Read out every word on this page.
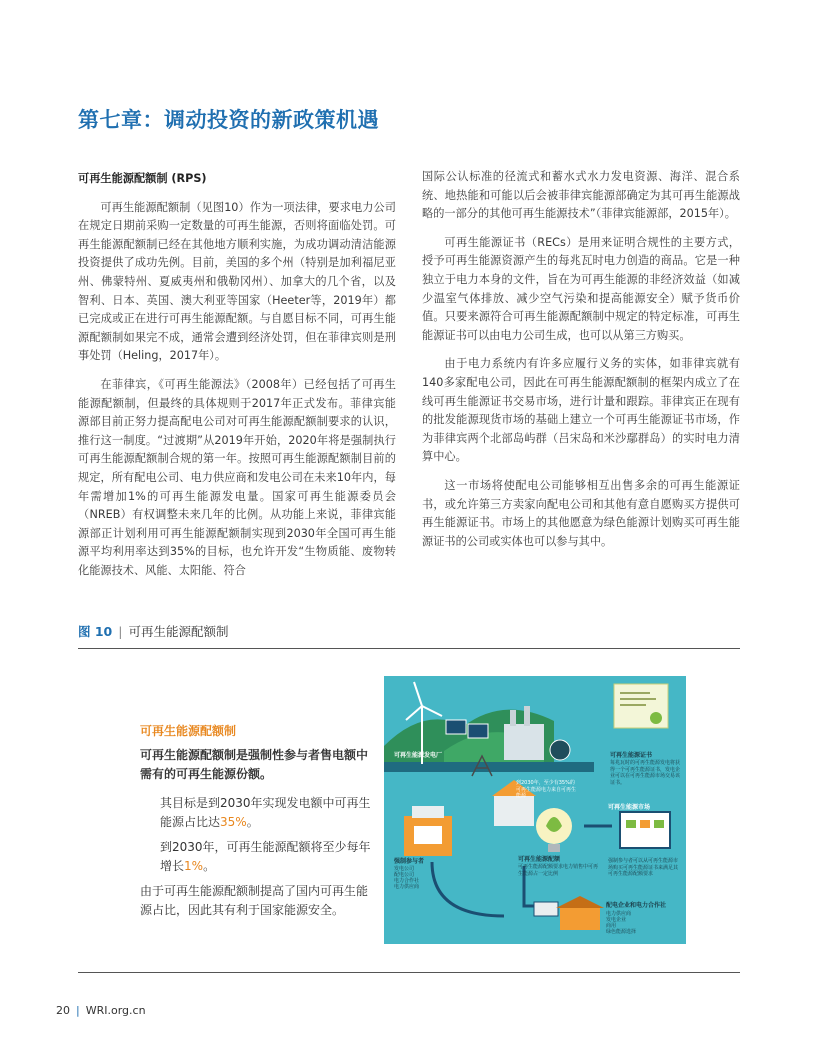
第七章：调动投资的新政策机遇
可再生能源配额制 (RPS)

可再生能源配额制（见图10）作为一项法律，要求电力公司在规定日期前采购一定数量的可再生能源，否则将面临处罚。可再生能源配额制已经在其他地方顺利实施，为成功调动清洁能源投资提供了成功先例。目前，美国的多个州（特别是加利福尼亚州、佛蒙特州、夏威夷州和俄勒冈州）、加拿大的几个省，以及智利、日本、英国、澳大利亚等国家（Heeter等，2019年）都已完成或正在进行可再生能源配额。与自愿目标不同，可再生能源配额制如果完不成，通常会遭到经济处罚，但在菲律宾则是刑事处罚（Heling，2017年）。

在菲律宾，《可再生能源法》（2008年）已经包括了可再生能源配额制，但最终的具体规则于2017年正式发布。菲律宾能源部目前正努力提高配电公司对可再生能源配额制要求的认识，推行这一制度。“过渡期”从2019年开始，2020年将是强制执行可再生能源配额制合规的第一年。按照可再生能源配额制目前的规定，所有配电公司、电力供应商和发电公司在未来10年内，每年需增加1%的可再生能源发电量。国家可再生能源委员会（NREB）有权调整未来几年的比例。从功能上来说，菲律宾能源部正计划利用可再生能源配额制实现到2030年全国可再生能源平均利用率达到35%的目标，也允许开发“生物质能、废物转化能源技术、风能、太阳能、符合

国际公认标准的径流式和蓄水式水力发电资源、海洋、混合系统、地热能和可能以后会被菲律宾能源部确定为其可再生能源战略的一部分的其他可再生能源技术”（菲律宾能源部，2015年）。

可再生能源证书（RECs）是用来证明合规性的主要方式，授予可再生能源资源产生的每兆瓦时电力创造的商品。它是一种独立于电力本身的文件，旨在为可再生能源的非经济效益（如减少温室气体排放、减少空气污染和提高能源安全）赋予货币价值。只要来源符合可再生能源配额制中规定的特定标准，可再生能源证书可以由电力公司生成，也可以从第三方购买。

由于电力系统内有许多应履行义务的实体，如菲律宾就有140多家配电公司，因此在可再生能源配额制的框架内成立了在线可再生能源证书交易市场，进行计量和跟踪。菲律宾正在现有的批发能源现货市场的基础上建立一个可再生能源证书市场，作为菲律宾两个北部岛屿群（吕宋岛和米沙鄢群岛）的实时电力清算中心。

这一市场将使配电公司能够相互出售多余的可再生能源证书，或允许第三方卖家向配电公司和其他有意自愿购买方提供可再生能源证书。市场上的其他愿意为绿色能源计划购买可再生能源证书的公司或实体也可以参与其中。

图 10 | 可再生能源配额制
可再生能源配额制
可再生能源配额制是强制性参与者售电额中需有的可再生能源份额。
其目标是到2030年实现发电额中可再生能源占比达35%。
到2030年，可再生能源配额将至少每年增长1%。
由于可再生能源配额制提高了国内可再生能源占比，因此其有利于国家能源安全。
可再生能源发电厂	可再生能源证书
每兆瓦时的可再生能源发电将获得一个可再生能源证书，发电企业可以在可再生能源市场交易该证书。
到2030年，至少有35%的可再生能源电力来自可再生能源
可再生能源市场
强制参与者
发电公司
配电公司
电力合作社
电力供应商
可再生能源配额
可再生能源配额要求电力销售中可再生能源占一定比例
强制参与者可以从可再生能源市场购买可再生能源证书来满足其可再生能源配额要求
配电企业和电力合作社
电力供应商
发电企业
商用
绿色能源选择
20 | WRI.org.cn
